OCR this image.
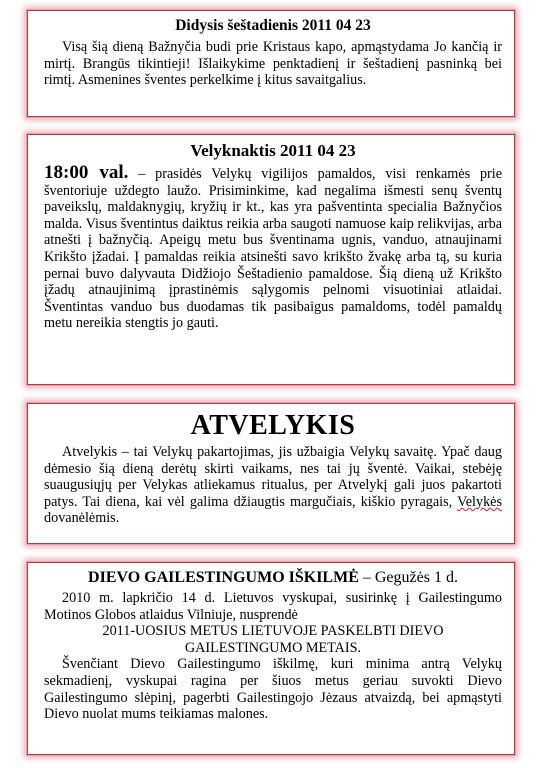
Didysis šeštadienis 2011 04 23

Visą šią dieną Bažnyčia budi prie Kristaus kapo, apmąstydama Jo kančią ir mirtį. Brangūs tikintieji! Išlaikykime penktadienį ir šeštadienį pasninką bei rimtį. Asmenines šventes perkelkime į kitus savaitgalius.

Velyknaktis 2011 04 23

18:00 val. – prasidės Velykų vigilijos pamaldos, visi renkamės prie šventoriuje uždegto laužo. Prisiminkime, kad negalima išmesti senų šventų paveikslų, maldaknygių, kryžių ir kt., kas yra pašventinta specialia Bažnyčios malda. Visus šventintus daiktus reikia arba saugoti namuose kaip relikvijas, arba atnešti į bažnyčią. Apeigų metu bus šventinama ugnis, vanduo, atnaujinami Krikšto įžadai. Į pamaldas reikia atsinešti savo krikšto žvakę arba tą, su kuria pernai buvo dalyvauta Didžiojo Šeštadienio pamaldose. Šią dieną už Krikšto įžadų atnaujinimą įprastinėmis sąlygomis pelnomi visuotiniai atlaidai. Šventintas vanduo bus duodamas tik pasibaigus pamaldoms, todėl pamaldų metu nereikia stengtis jo gauti.

ATVELYKIS

Atvelykis – tai Velykų pakartojimas, jis užbaigia Velykų savaitę. Ypač daug dėmesio šią dieną derėtų skirti vaikams, nes tai jų šventė. Vaikai, stebėję suaugusiųjų per Velykas atliekamus ritualus, per Atvelykį gali juos pakartoti patys. Tai diena, kai vėl galima džiaugtis margučiais, kiškio pyragais, Velykės dovanėlėmis.

DIEVO GAILESTINGUMO IŠKILMĖ – Gegužės 1 d.

2010 m. lapkričio 14 d. Lietuvos vyskupai, susirinkę į Gailestingumo Motinos Globos atlaidus Vilniuje, nusprendė

2011-UOSIUS METUS LIETUVOJE PASKELBTI DIEVO GAILESTINGUMO METAIS.

Švenčiant Dievo Gailestingumo iškilmę, kuri minima antrą Velykų sekmadienį, vyskupai ragina per šiuos metus geriau suvokti Dievo Gailestingumo slėpinį, pagerbti Gailestingojo Jėzaus atvaizdą, bei apmąstyti Dievo nuolat mums teikiamas malones.
